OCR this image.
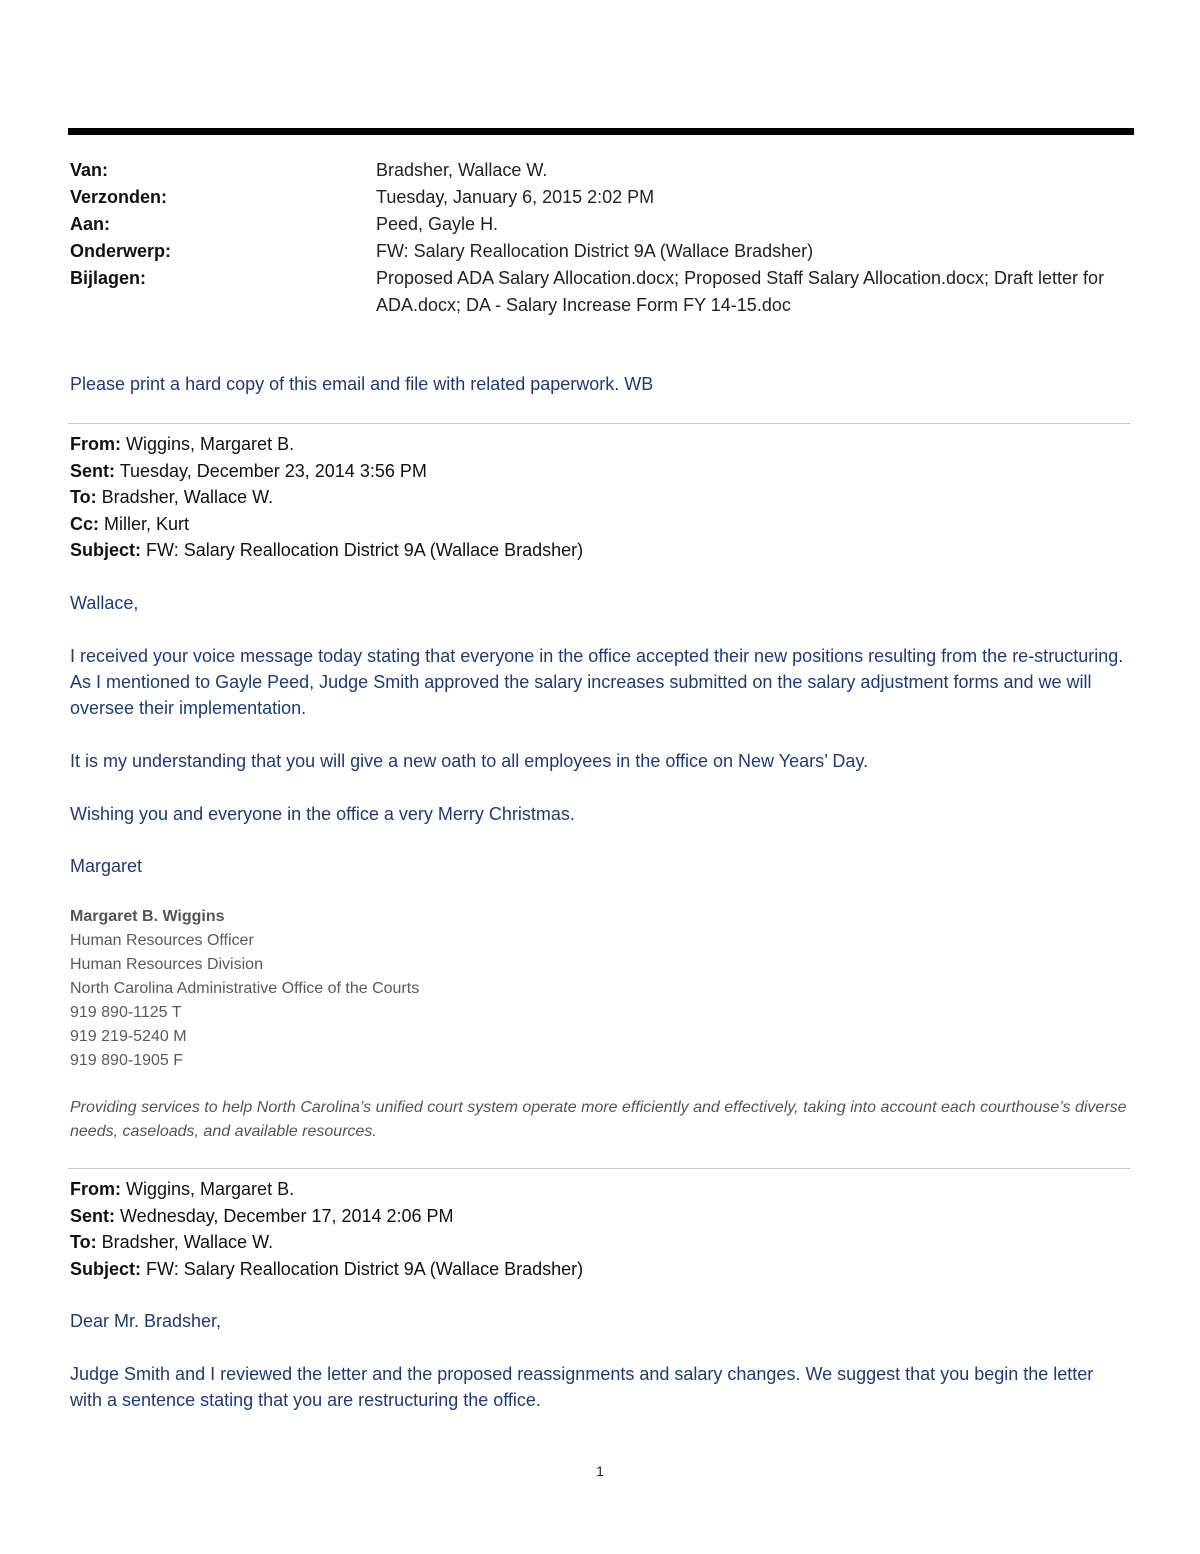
Van:	Bradsher, Wallace W.
Verzonden:	Tuesday, January 6, 2015 2:02 PM
Aan:	Peed, Gayle H.
Onderwerp:	FW: Salary Reallocation District 9A (Wallace Bradsher)
Bijlagen:	Proposed ADA Salary Allocation.docx; Proposed Staff Salary Allocation.docx; Draft letter for ADA.docx; DA - Salary Increase Form FY 14-15.doc
Please print a hard copy of this email and file with related paperwork. WB
From: Wiggins, Margaret B.
Sent: Tuesday, December 23, 2014 3:56 PM
To: Bradsher, Wallace W.
Cc: Miller, Kurt
Subject: FW: Salary Reallocation District 9A (Wallace Bradsher)

Wallace,

I received your voice message today stating that everyone in the office accepted their new positions resulting from the re-structuring. As I mentioned to Gayle Peed, Judge Smith approved the salary increases submitted on the salary adjustment forms and we will oversee their implementation.

It is my understanding that you will give a new oath to all employees in the office on New Years’ Day.

Wishing you and everyone in the office a very Merry Christmas.

Margaret

Margaret B. Wiggins
Human Resources Officer
Human Resources Division
North Carolina Administrative Office of the Courts
919 890-1125 T
919 219-5240 M
919 890-1905 F

Providing services to help North Carolina’s unified court system operate more efficiently and effectively, taking into account each courthouse’s diverse needs, caseloads, and available resources.

From: Wiggins, Margaret B.
Sent: Wednesday, December 17, 2014 2:06 PM
To: Bradsher, Wallace W.
Subject: FW: Salary Reallocation District 9A (Wallace Bradsher)

Dear Mr. Bradsher,

Judge Smith and I reviewed the letter and the proposed reassignments and salary changes. We suggest that you begin the letter with a sentence stating that you are restructuring the office.

1
